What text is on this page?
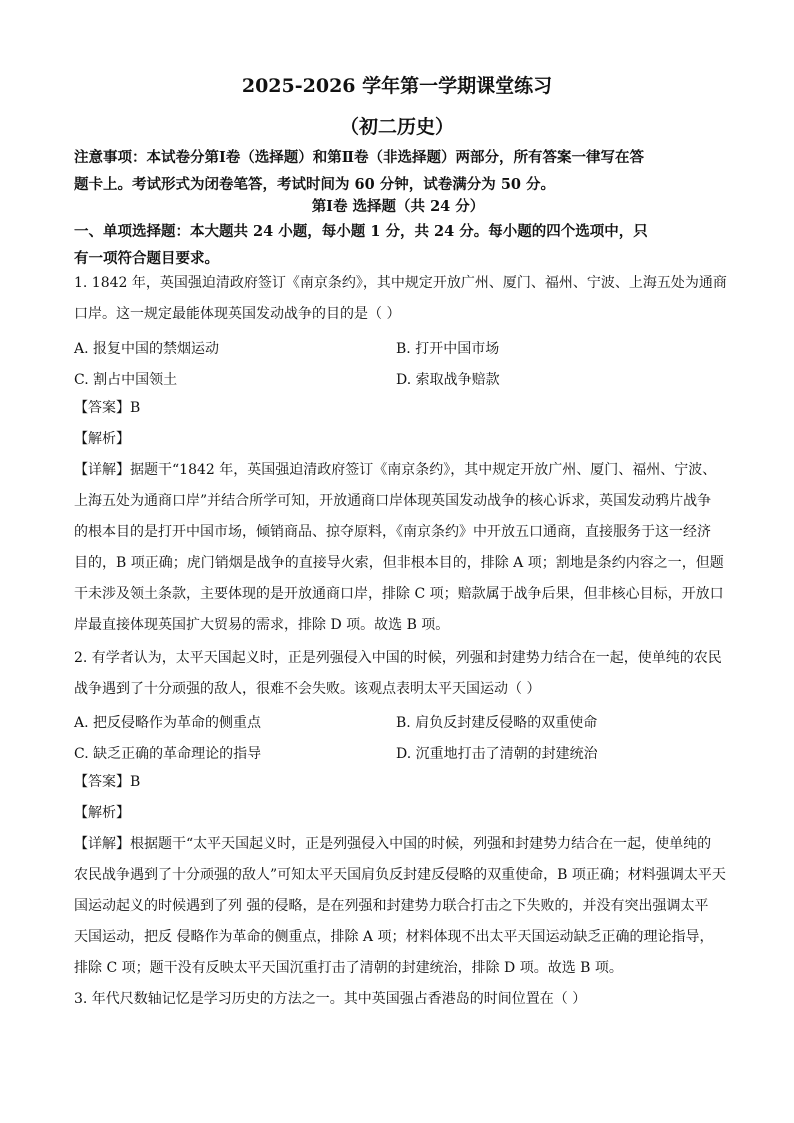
2025-2026 学年第一学期课堂练习
（初二历史）
注意事项：本试卷分第Ⅰ卷（选择题）和第Ⅱ卷（非选择题）两部分，所有答案一律写在答
题卡上。考试形式为闭卷笔答，考试时间为 60 分钟，试卷满分为 50 分。
第Ⅰ卷 选择题（共 24 分）
一、单项选择题：本大题共 24 小题，每小题 1 分，共 24 分。每小题的四个选项中，只
有一项符合题目要求。
1. 1842 年，英国强迫清政府签订《南京条约》，其中规定开放广州、厦门、福州、宁波、上海五处为通商
口岸。这一规定最能体现英国发动战争的目的是（ ）
A. 报复中国的禁烟运动	B. 打开中国市场
C. 割占中国领土	D. 索取战争赔款
【答案】B
【解析】
【详解】据题干“1842 年，英国强迫清政府签订《南京条约》，其中规定开放广州、厦门、福州、宁波、
上海五处为通商口岸”并结合所学可知，开放通商口岸体现英国发动战争的核心诉求，英国发动鸦片战争
的根本目的是打开中国市场，倾销商品、掠夺原料，《南京条约》中开放五口通商，直接服务于这一经济
目的，B 项正确；虎门销烟是战争的直接导火索，但非根本目的，排除 A 项；割地是条约内容之一，但题
干未涉及领土条款，主要体现的是开放通商口岸，排除 C 项；赔款属于战争后果，但非核心目标，开放口
岸最直接体现英国扩大贸易的需求，排除 D 项。故选 B 项。
2. 有学者认为，太平天国起义时，正是列强侵入中国的时候，列强和封建势力结合在一起，使单纯的农民
战争遇到了十分顽强的敌人，很难不会失败。该观点表明太平天国运动（ ）
A. 把反侵略作为革命的侧重点	B. 肩负反封建反侵略的双重使命
C. 缺乏正确的革命理论的指导	D. 沉重地打击了清朝的封建统治
【答案】B
【解析】
【详解】根据题干“太平天国起义时，正是列强侵入中国的时候，列强和封建势力结合在一起，使单纯的
农民战争遇到了十分顽强的敌人”可知太平天国肩负反封建反侵略的双重使命，B 项正确；材料强调太平天
国运动起义的时候遇到了列 强的侵略，是在列强和封建势力联合打击之下失败的，并没有突出强调太平
天国运动，把反 侵略作为革命的侧重点，排除 A 项；材料体现不出太平天国运动缺乏正确的理论指导，
排除 C 项；题干没有反映太平天国沉重打击了清朝的封建统治，排除 D 项。故选 B 项。
3. 年代尺数轴记忆是学习历史的方法之一。其中英国强占香港岛的时间位置在（ ）
